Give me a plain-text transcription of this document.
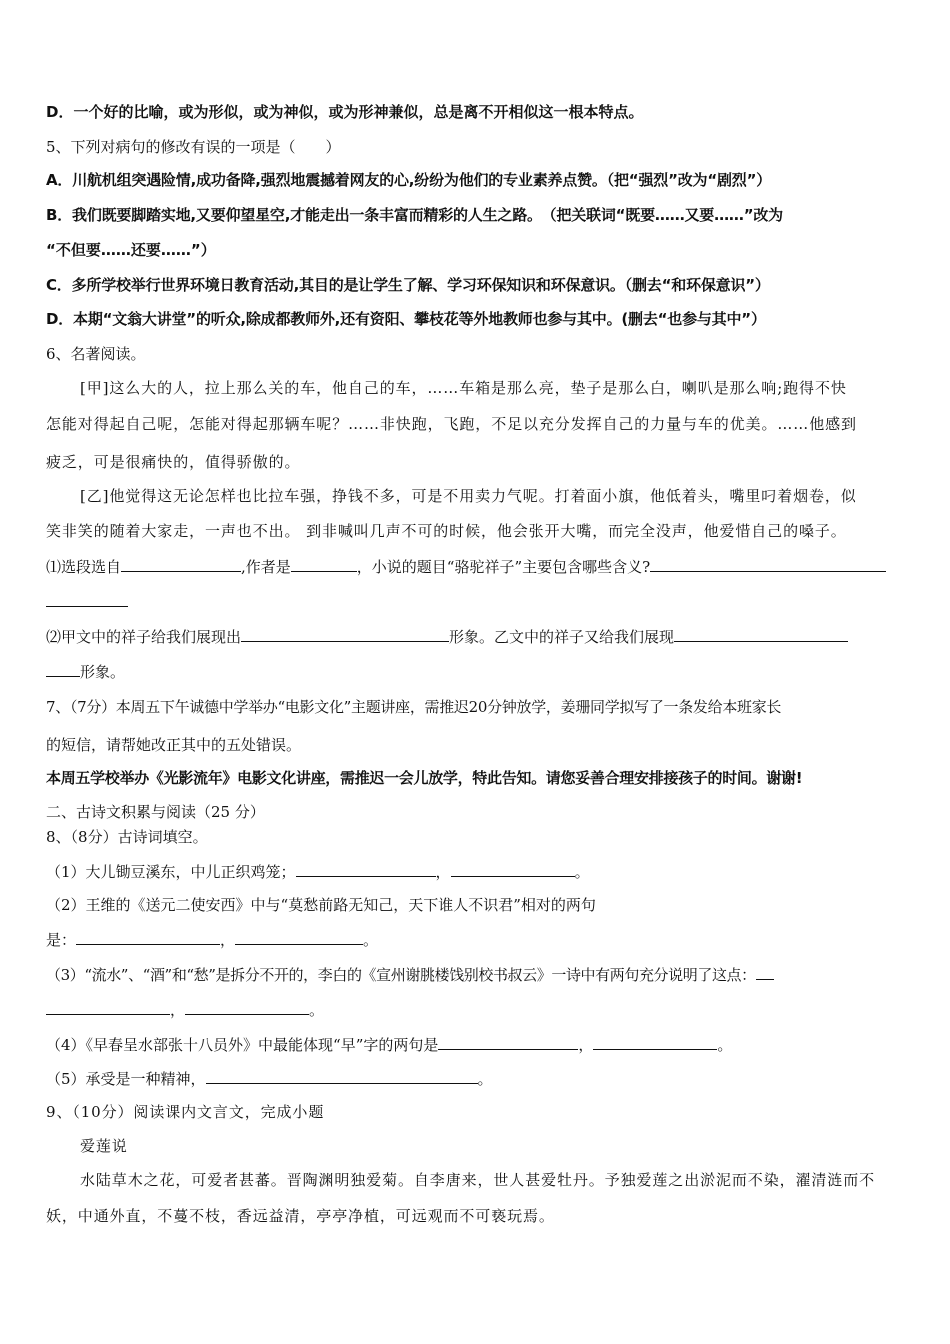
D．一个好的比喻，或为形似，或为神似，或为形神兼似，总是离不开相似这一根本特点。
5、下列对病句的修改有误的一项是（　　）
A．川航机组突遇险情,成功备降,强烈地震撼着网友的心,纷纷为他们的专业素养点赞。（把“强烈”改为“剧烈”）
B．我们既要脚踏实地,又要仰望星空,才能走出一条丰富而精彩的人生之路。　（把关联词“既要……又要……”改为
“不但要……还要……”）
C．多所学校举行世界环境日教育活动,其目的是让学生了解、学习环保知识和环保意识。（删去“和环保意识”）
D．本期“文翁大讲堂”的听众,除成都教师外,还有资阳、攀枝花等外地教师也参与其中。(删去“也参与其中”）
6、名著阅读。
[甲]这么大的人，拉上那么关的车，他自己的车，……车箱是那么亮，垫子是那么白，喇叭是那么响;跑得不快
怎能对得起自己呢，怎能对得起那辆车呢？……非快跑，飞跑，不足以充分发挥自己的力量与车的优美。……他感到
疲乏，可是很痛快的，值得骄傲的。
[乙]他觉得这无论怎样也比拉车强，挣钱不多，可是不用卖力气呢。打着面小旗，他低着头，嘴里叼着烟卷，似
笑非笑的随着大家走，一声也不出。 到非喊叫几声不可的时候，他会张开大嘴，而完全没声，他爱惜自己的嗓子。
⑴选段选自	,作者是	，小说的题目“骆驼祥子”主要包含哪些含义?
⑵甲文中的祥子给我们展现出	形象。乙文中的祥子又给我们展现
形象。
7、（7分）本周五下午诚德中学举办“电影文化”主题讲座，需推迟20分钟放学，姜珊同学拟写了一条发给本班家长
的短信，请帮她改正其中的五处错误。
本周五学校举办《光影流年》电影文化讲座，需推迟一会儿放学，特此告知。请您妥善合理安排接孩子的时间。谢谢!
二、古诗文积累与阅读（25 分）
8、（8分）古诗词填空。
（1）大儿锄豆溪东，中儿正织鸡笼；	，	。
（2）王维的《送元二使安西》中与“莫愁前路无知己，天下谁人不识君”相对的两句
是：	，	。
（3）“流水”、“酒”和“愁”是拆分不开的，李白的《宣州谢朓楼饯别校书叔云》一诗中有两句充分说明了这点：
，	。
（4）《早春呈水部张十八员外》中最能体现“早”字的两句是	，	。
（5）承受是一种精神，	。
9、（10分）阅读课内文言文，完成小题
爱莲说
水陆草木之花，可爱者甚蕃。晋陶渊明独爱菊。自李唐来，世人甚爱牡丹。予独爱莲之出淤泥而不染，濯清涟而不
妖，中通外直，不蔓不枝，香远益清，亭亭净植，可远观而不可亵玩焉。
